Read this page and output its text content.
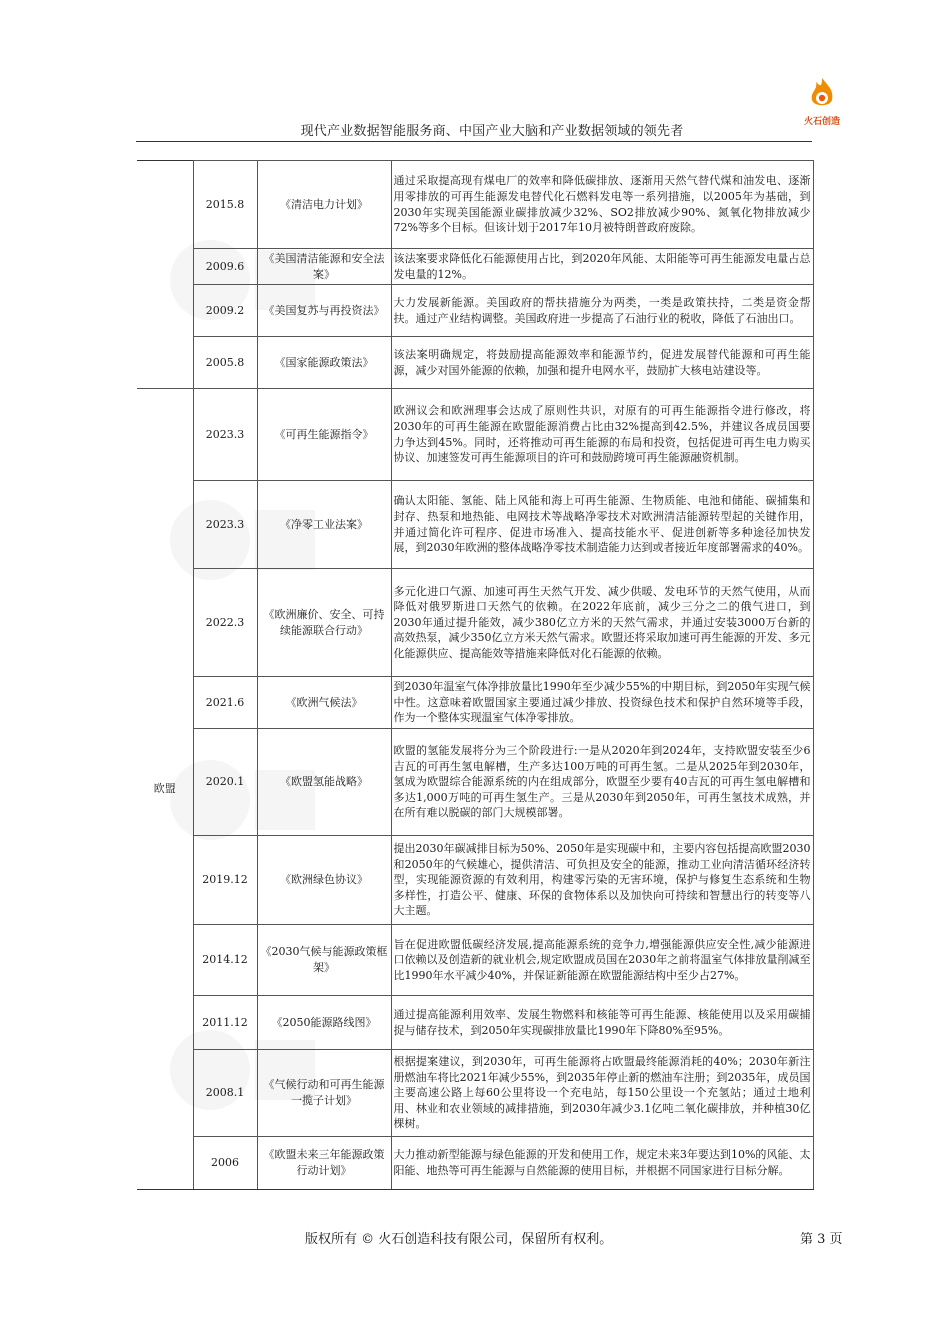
火石创造
现代产业数据智能服务商、中国产业大脑和产业数据领域的领先者
	2015.8	《清洁电力计划》	通过采取提高现有煤电厂的效率和降低碳排放、逐渐用天然气替代煤和油发电、逐渐用零排放的可再生能源发电替代化石燃料发电等一系列措施，以2005年为基础，到2030年实现美国能源业碳排放减少32%、SO2排放减少90%、氮氧化物排放减少72%等多个目标。但该计划于2017年10月被特朗普政府废除。
	2009.6	《美国清洁能源和安全法案》	该法案要求降低化石能源使用占比，到2020年风能、太阳能等可再生能源发电量占总发电量的12%。
	2009.2	《美国复苏与再投资法》	大力发展新能源。美国政府的帮扶措施分为两类，一类是政策扶持，二类是资金帮扶。通过产业结构调整。美国政府进一步提高了石油行业的税收，降低了石油出口。
	2005.8	《国家能源政策法》	该法案明确规定，将鼓励提高能源效率和能源节约，促进发展替代能源和可再生能源，减少对国外能源的依赖，加强和提升电网水平，鼓励扩大核电站建设等。
欧盟	2023.3	《可再生能源指令》	欧洲议会和欧洲理事会达成了原则性共识，对原有的可再生能源指令进行修改，将2030年的可再生能源在欧盟能源消费占比由32%提高到42.5%，并建议各成员国要力争达到45%。同时，还将推动可再生能源的布局和投资，包括促进可再生电力购买协议、加速签发可再生能源项目的许可和鼓励跨境可再生能源融资机制。
	2023.3	《净零工业法案》	确认太阳能、氢能、陆上风能和海上可再生能源、生物质能、电池和储能、碳捕集和封存、热泵和地热能、电网技术等战略净零技术对欧洲清洁能源转型起的关键作用，并通过简化许可程序、促进市场准入、提高技能水平、促进创新等多种途径加快发展，到2030年欧洲的整体战略净零技术制造能力达到或者接近年度部署需求的40%。
	2022.3	《欧洲廉价、安全、可持续能源联合行动》	多元化进口气源、加速可再生天然气开发、减少供暖、发电环节的天然气使用，从而降低对俄罗斯进口天然气的依赖。在2022年底前，减少三分之二的俄气进口，到2030年通过提升能效，减少380亿立方米的天然气需求，并通过安装3000万台新的高效热泵，减少350亿立方米天然气需求。欧盟还将采取加速可再生能源的开发、多元化能源供应、提高能效等措施来降低对化石能源的依赖。
	2021.6	《欧洲气候法》	到2030年温室气体净排放量比1990年至少减少55%的中期目标，到2050年实现气候中性。这意味着欧盟国家主要通过减少排放、投资绿色技术和保护自然环境等手段，作为一个整体实现温室气体净零排放。
	2020.1	《欧盟氢能战略》	欧盟的氢能发展将分为三个阶段进行:一是从2020年到2024年，支持欧盟安装至少6吉瓦的可再生氢电解槽，生产多达100万吨的可再生氢。二是从2025年到2030年，氢成为欧盟综合能源系统的内在组成部分，欧盟至少要有40吉瓦的可再生氢电解槽和多达1,000万吨的可再生氢生产。三是从2030年到2050年，可再生氢技术成熟，并在所有难以脱碳的部门大规模部署。
	2019.12	《欧洲绿色协议》	提出2030年碳减排目标为50%、2050年是实现碳中和，主要内容包括提高欧盟2030和2050年的气候雄心，提供清洁、可负担及安全的能源，推动工业向清洁循环经济转型，实现能源资源的有效利用，构建零污染的无害环境，保护与修复生态系统和生物多样性，打造公平、健康、环保的食物体系以及加快向可持续和智慧出行的转变等八大主题。
	2014.12	《2030气候与能源政策框架》	旨在促进欧盟低碳经济发展,提高能源系统的竞争力,增强能源供应安全性,减少能源进口依赖以及创造新的就业机会,规定欧盟成员国在2030年之前将温室气体排放量削减至比1990年水平减少40%，并保证新能源在欧盟能源结构中至少占27%。
	2011.12	《2050能源路线图》	通过提高能源利用效率、发展生物燃料和核能等可再生能源、核能使用以及采用碳捕捉与储存技术，到2050年实现碳排放量比1990年下降80%至95%。
	2008.1	《气候行动和可再生能源一揽子计划》	根据提案建议，到2030年，可再生能源将占欧盟最终能源消耗的40%；2030年新注册燃油车将比2021年减少55%，到2035年停止新的燃油车注册；到2035年，成员国主要高速公路上每60公里将设一个充电站，每150公里设一个充氢站；通过土地利用、林业和农业领域的减排措施，到2030年减少3.1亿吨二氧化碳排放，并种植30亿棵树。
	2006	《欧盟未来三年能源政策行动计划》	大力推动新型能源与绿色能源的开发和使用工作，规定未来3年要达到10%的风能、太阳能、地热等可再生能源与自然能源的使用目标，并根据不同国家进行目标分解。
版权所有 © 火石创造科技有限公司，保留所有权利。	第 3 页
